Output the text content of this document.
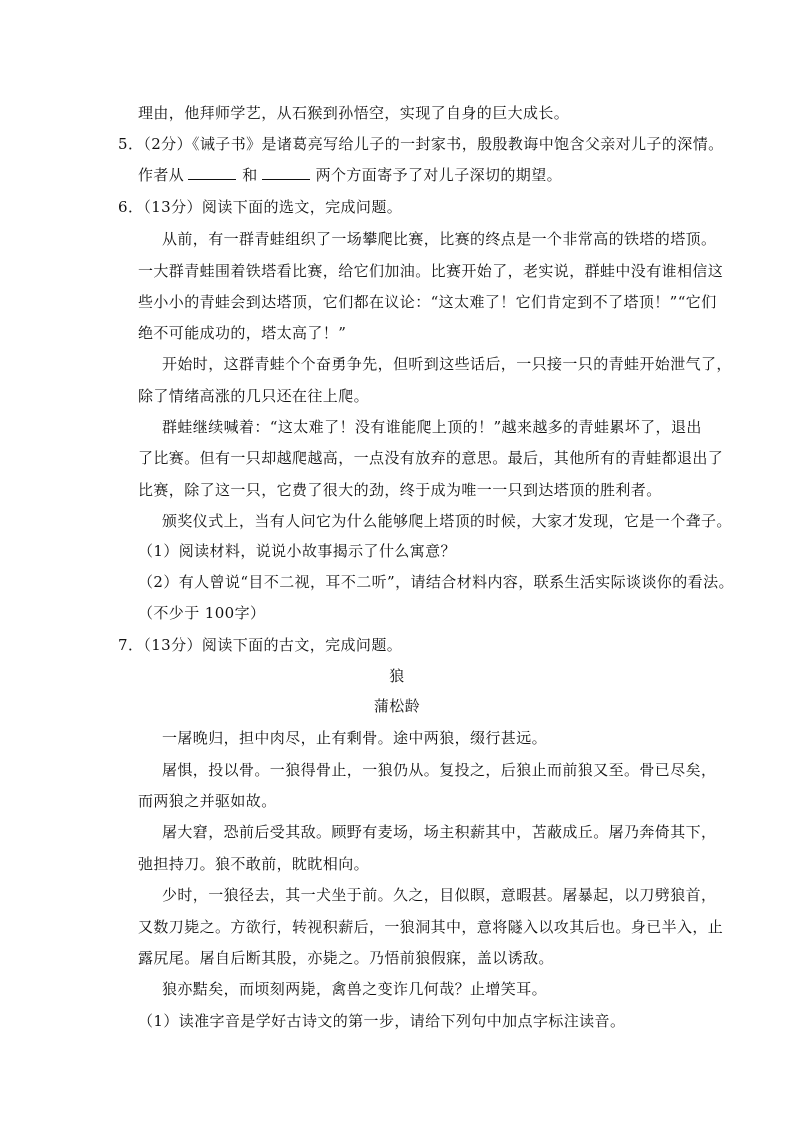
理由，他拜师学艺，从石猴到孙悟空，实现了自身的巨大成长。
5．（2分）《诫子书》是诸葛亮写给儿子的一封家书，殷殷教诲中饱含父亲对儿子的深情。
作者从	和	两个方面寄予了对儿子深切的期望。
6．（13分）阅读下面的选文，完成问题。
从前，有一群青蛙组织了一场攀爬比赛，比赛的终点是一个非常高的铁塔的塔顶。
一大群青蛙围着铁塔看比赛，给它们加油。比赛开始了，老实说，群蛙中没有谁相信这
些小小的青蛙会到达塔顶，它们都在议论：“这太难了！它们肯定到不了塔顶！”“它们
绝不可能成功的，塔太高了！”
开始时，这群青蛙个个奋勇争先，但听到这些话后，一只接一只的青蛙开始泄气了，
除了情绪高涨的几只还在往上爬。
群蛙继续喊着：“这太难了！没有谁能爬上顶的！”越来越多的青蛙累坏了，退出
了比赛。但有一只却越爬越高，一点没有放弃的意思。最后，其他所有的青蛙都退出了
比赛，除了这一只，它费了很大的劲，终于成为唯一一只到达塔顶的胜利者。
颁奖仪式上，当有人问它为什么能够爬上塔顶的时候，大家才发现，它是一个聋子。
（1）阅读材料，说说小故事揭示了什么寓意？
（2）有人曾说“目不二视，耳不二听”，请结合材料内容，联系生活实际谈谈你的看法。
（不少于 100字）
7．（13分）阅读下面的古文，完成问题。
狼
蒲松龄
一屠晚归，担中肉尽，止有剩骨。途中两狼，缀行甚远。
屠惧，投以骨。一狼得骨止，一狼仍从。复投之，后狼止而前狼又至。骨已尽矣，
而两狼之并驱如故。
屠大窘，恐前后受其敌。顾野有麦场，场主积薪其中，苫蔽成丘。屠乃奔倚其下，
弛担持刀。狼不敢前，眈眈相向。
少时，一狼径去，其一犬坐于前。久之，目似瞑，意暇甚。屠暴起，以刀劈狼首，
又数刀毙之。方欲行，转视积薪后，一狼洞其中，意将隧入以攻其后也。身已半入，止
露尻尾。屠自后断其股，亦毙之。乃悟前狼假寐，盖以诱敌。
狼亦黠矣，而顷刻两毙，禽兽之变诈几何哉？止增笑耳。
（1）读准字音是学好古诗文的第一步，请给下列句中加点字标注读音。
